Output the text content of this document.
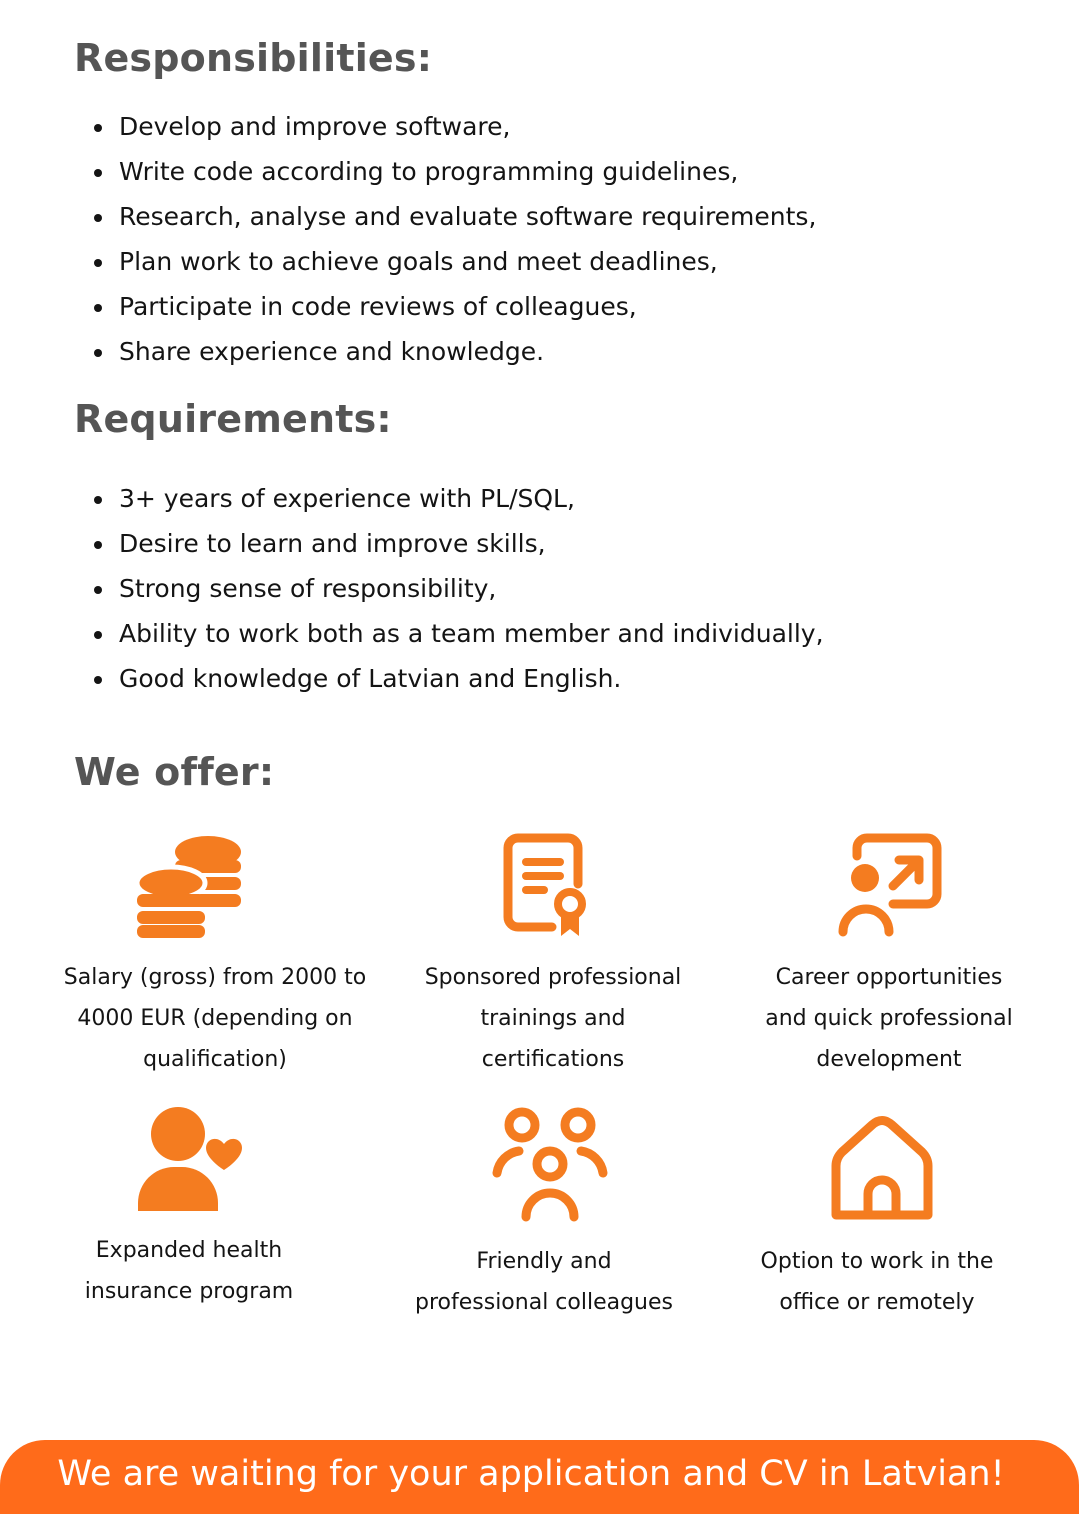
Responsibilities:
Develop and improve software,
Write code according to programming guidelines,
Research, analyse and evaluate software requirements,
Plan work to achieve goals and meet deadlines,
Participate in code reviews of colleagues,
Share experience and knowledge.
Requirements:
3+ years of experience with PL/SQL,
Desire to learn and improve skills,
Strong sense of responsibility,
Ability to work both as a team member and individually,
Good knowledge of Latvian and English.
We offer:
Salary (gross) from 2000 to
4000 EUR (depending on
qualification)
Sponsored professional
trainings and
certifications
Career opportunities
and quick professional
development
Expanded health
insurance program
Friendly and
professional colleagues
Option to work in the
office or remotely
We are waiting for your application and CV in Latvian!
